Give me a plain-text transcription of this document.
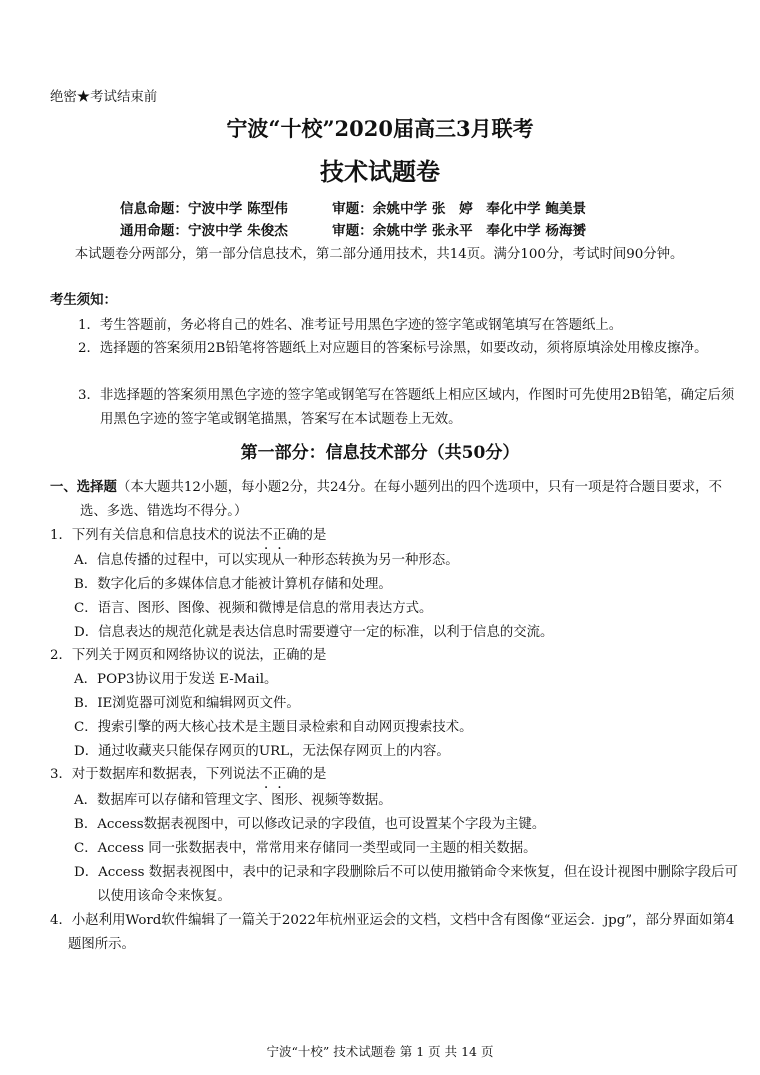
绝密★考试结束前
宁波“十校”2020届高三3月联考
技术试题卷
信息命题：宁波中学 陈型伟	审题：余姚中学 张　婷　奉化中学 鲍美景
通用命题：宁波中学 朱俊杰	审题：余姚中学 张永平　奉化中学 杨海赟
本试题卷分两部分，第一部分信息技术，第二部分通用技术，共14页。满分100分，考试时间90分钟。
考生须知：
1．考生答题前，务必将自己的姓名、准考证号用黑色字迹的签字笔或钢笔填写在答题纸上。
2．选择题的答案须用2B铅笔将答题纸上对应题目的答案标号涂黑，如要改动，须将原填涂处用橡皮擦净。
3．非选择题的答案须用黑色字迹的签字笔或钢笔写在答题纸上相应区域内，作图时可先使用2B铅笔，确定后须用黑色字迹的签字笔或钢笔描黑，答案写在本试题卷上无效。
第一部分：信息技术部分（共50分）
一、选择题（本大题共12小题，每小题2分，共24分。在每小题列出的四个选项中，只有一项是符合题目要求，不选、多选、错选均不得分。）
1．下列有关信息和信息技术的说法不正确的是
A．信息传播的过程中，可以实现从一种形态转换为另一种形态。
B．数字化后的多媒体信息才能被计算机存储和处理。
C．语言、图形、图像、视频和微博是信息的常用表达方式。
D．信息表达的规范化就是表达信息时需要遵守一定的标准，以利于信息的交流。
2．下列关于网页和网络协议的说法，正确的是
A．POP3协议用于发送 E-Mail。
B．IE浏览器可浏览和编辑网页文件。
C．搜索引擎的两大核心技术是主题目录检索和自动网页搜索技术。
D．通过收藏夹只能保存网页的URL，无法保存网页上的内容。
3．对于数据库和数据表，下列说法不正确的是
A．数据库可以存储和管理文字、图形、视频等数据。
B．Access数据表视图中，可以修改记录的字段值，也可设置某个字段为主键。
C．Access 同一张数据表中，常常用来存储同一类型或同一主题的相关数据。
D．Access 数据表视图中，表中的记录和字段删除后不可以使用撤销命令来恢复，但在设计视图中删除字段后可以使用该命令来恢复。
4．小赵利用Word软件编辑了一篇关于2022年杭州亚运会的文档，文档中含有图像“亚运会．jpg”，部分界面如第4题图所示。
宁波“十校” 技术试题卷 第 1 页 共 14 页
